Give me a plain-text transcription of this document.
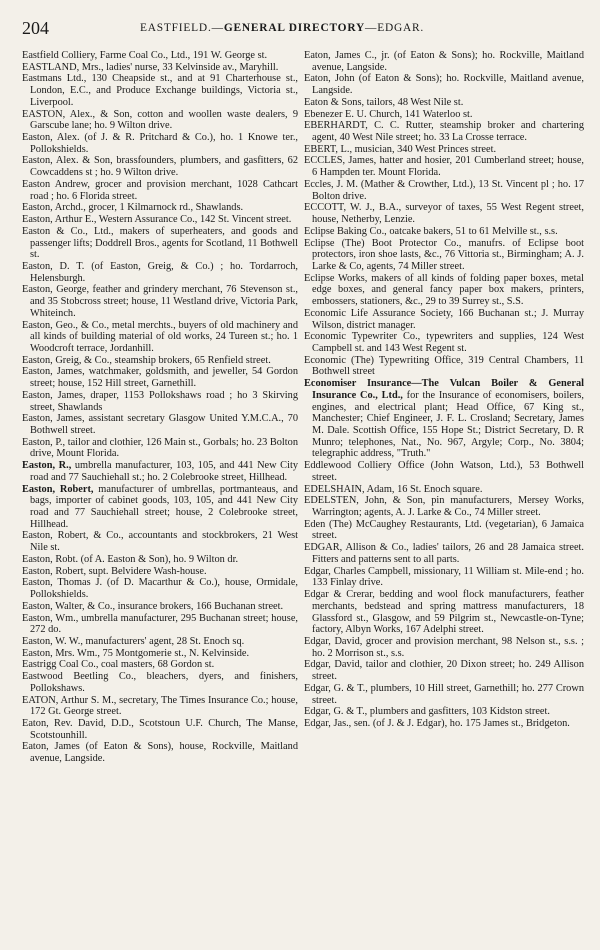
204	EASTFIELD.—GENERAL DIRECTORY—EDGAR.

Eastfield Colliery, Farme Coal Co., Ltd., 191 W. George st.

EASTLAND, Mrs., ladies' nurse, 33 Kelvinside av., Maryhill.

Eastmans Ltd., 130 Cheapside st., and at 91 Charterhouse st., London, E.C., and Produce Exchange buildings, Victoria st., Liverpool.

EASTON, Alex., & Son, cotton and woollen waste dealers, 9 Garscube lane; ho. 9 Wilton drive.

Easton, Alex. (of J. & R. Pritchard & Co.), ho. 1 Knowe ter., Pollokshields.

Easton, Alex. & Son, brassfounders, plumbers, and gasfitters, 62 Cowcaddens st ; ho. 9 Wilton drive.

Easton Andrew, grocer and provision merchant, 1028 Cathcart road ; ho. 6 Florida street.

Easton, Archd., grocer, 1 Kilmarnock rd., Shawlands.

Easton, Arthur E., Western Assurance Co., 142 St. Vincent street.

Easton & Co., Ltd., makers of superheaters, and goods and passenger lifts; Doddrell Bros., agents for Scotland, 11 Bothwell st.

Easton, D. T. (of Easton, Greig, & Co.) ; ho. Tordarroch, Helensburgh.

Easton, George, feather and grindery merchant, 76 Stevenson st., and 35 Stobcross street; house, 11 Westland drive, Victoria Park, Whiteinch.

Easton, Geo., & Co., metal merchts., buyers of old machinery and all kinds of building material of old works, 24 Tureen st.; ho. 1 Woodcroft terrace, Jordanhill.

Easton, Greig, & Co., steamship brokers, 65 Renfield street.

Easton, James, watchmaker, goldsmith, and jeweller, 54 Gordon street; house, 152 Hill street, Garnethill.

Easton, James, draper, 1153 Pollokshaws road ; ho 3 Skirving street, Shawlands

Easton, James, assistant secretary Glasgow United Y.M.C.A., 70 Bothwell street.

Easton, P., tailor and clothier, 126 Main st., Gorbals; ho. 23 Bolton drive, Mount Florida.

Easton, R., umbrella manufacturer, 103, 105, and 441 New City road and 77 Sauchiehall st.; ho. 2 Colebrooke street, Hillhead.

Easton, Robert, manufacturer of umbrellas, portmanteaus, and bags, importer of cabinet goods, 103, 105, and 441 New City road and 77 Sauchiehall street; house, 2 Colebrooke street, Hillhead.

Easton, Robert, & Co., accountants and stockbrokers, 21 West Nile st.

Easton, Robt. (of A. Easton & Son), ho. 9 Wilton dr.

Easton, Robert, supt. Belvidere Wash-house.

Easton, Thomas J. (of D. Macarthur & Co.), house, Ormidale, Pollokshields.

Easton, Walter, & Co., insurance brokers, 166 Buchanan street.

Easton, Wm., umbrella manufacturer, 295 Buchanan street; house, 272 do.

Easton, W. W., manufacturers' agent, 28 St. Enoch sq.

Easton, Mrs. Wm., 75 Montgomerie st., N. Kelvinside.

Eastrigg Coal Co., coal masters, 68 Gordon st.

Eastwood Beetling Co., bleachers, dyers, and finishers, Pollokshaws.

EATON, Arthur S. M., secretary, The Times Insurance Co.; house, 172 Gt. George street.

Eaton, Rev. David, D.D., Scotstoun U.F. Church, The Manse, Scotstounhill.

Eaton, James (of Eaton & Sons), house, Rockville, Maitland avenue, Langside.

Eaton, James C., jr. (of Eaton & Sons); ho. Rockville, Maitland avenue, Langside.

Eaton, John (of Eaton & Sons); ho. Rockville, Maitland avenue, Langside.

Eaton & Sons, tailors, 48 West Nile st.

Ebenezer E. U. Church, 141 Waterloo st.

EBERHARDT, C. C. Rutter, steamship broker and chartering agent, 40 West Nile street; ho. 33 La Crosse terrace.

EBERT, L., musician, 340 West Princes street.

ECCLES, James, hatter and hosier, 201 Cumberland street; house, 6 Hampden ter. Mount Florida.

Eccles, J. M. (Mather & Crowther, Ltd.), 13 St. Vincent pl ; ho. 17 Bolton drive.

ECCOTT, W. J., B.A., surveyor of taxes, 55 West Regent street, house, Netherby, Lenzie.

Eclipse Baking Co., oatcake bakers, 51 to 61 Melville st., s.s.

Eclipse (The) Boot Protector Co., manufrs. of Eclipse boot protectors, iron shoe lasts, &c., 76 Vittoria st., Birmingham; A. J. Larke & Co, agents, 74 Miller street.

Eclipse Works, makers of all kinds of folding paper boxes, metal edge boxes, and general fancy paper box makers, printers, embossers, stationers, &c., 29 to 39 Surrey st., S.S.

Economic Life Assurance Society, 166 Buchanan st.; J. Murray Wilson, district manager.

Economic Typewriter Co., typewriters and supplies, 124 West Campbell st. and 143 West Regent st.

Economic (The) Typewriting Office, 319 Central Chambers, 11 Bothwell street

Economiser Insurance—The Vulcan Boiler & General Insurance Co., Ltd., for the Insurance of economisers, boilers, engines, and electrical plant; Head Office, 67 King st., Manchester; Chief Engineer, J. F. L. Crosland; Secretary, James M. Dale. Scottish Office, 155 Hope St.; District Secretary, D. R Munro; telephones, Nat., No. 967, Argyle; Corp., No. 3804; telegraphic address, "Truth."

Eddlewood Colliery Office (John Watson, Ltd.), 53 Bothwell street.

EDELSHAIN, Adam, 16 St. Enoch square.

EDELSTEN, John, & Son, pin manufacturers, Mersey Works, Warrington; agents, A. J. Larke & Co., 74 Miller street.

Eden (The) McCaughey Restaurants, Ltd. (vegetarian), 6 Jamaica street.

EDGAR, Allison & Co., ladies' tailors, 26 and 28 Jamaica street. Fitters and patterns sent to all parts.

Edgar, Charles Campbell, missionary, 11 William st. Mile-end ; ho. 133 Finlay drive.

Edgar & Crerar, bedding and wool flock manufacturers, feather merchants, bedstead and spring mattress manufacturers, 18 Glassford st., Glasgow, and 59 Pilgrim st., Newcastle-on-Tyne; factory, Albyn Works, 167 Adelphi street.

Edgar, David, grocer and provision merchant, 98 Nelson st., s.s. ; ho. 2 Morrison st., s.s.

Edgar, David, tailor and clothier, 20 Dixon street; ho. 249 Allison street.

Edgar, G. & T., plumbers, 10 Hill street, Garnethill; ho. 277 Crown street.

Edgar, G. & T., plumbers and gasfitters, 103 Kidston street.

Edgar, Jas., sen. (of J. & J. Edgar), ho. 175 James st., Bridgeton.
